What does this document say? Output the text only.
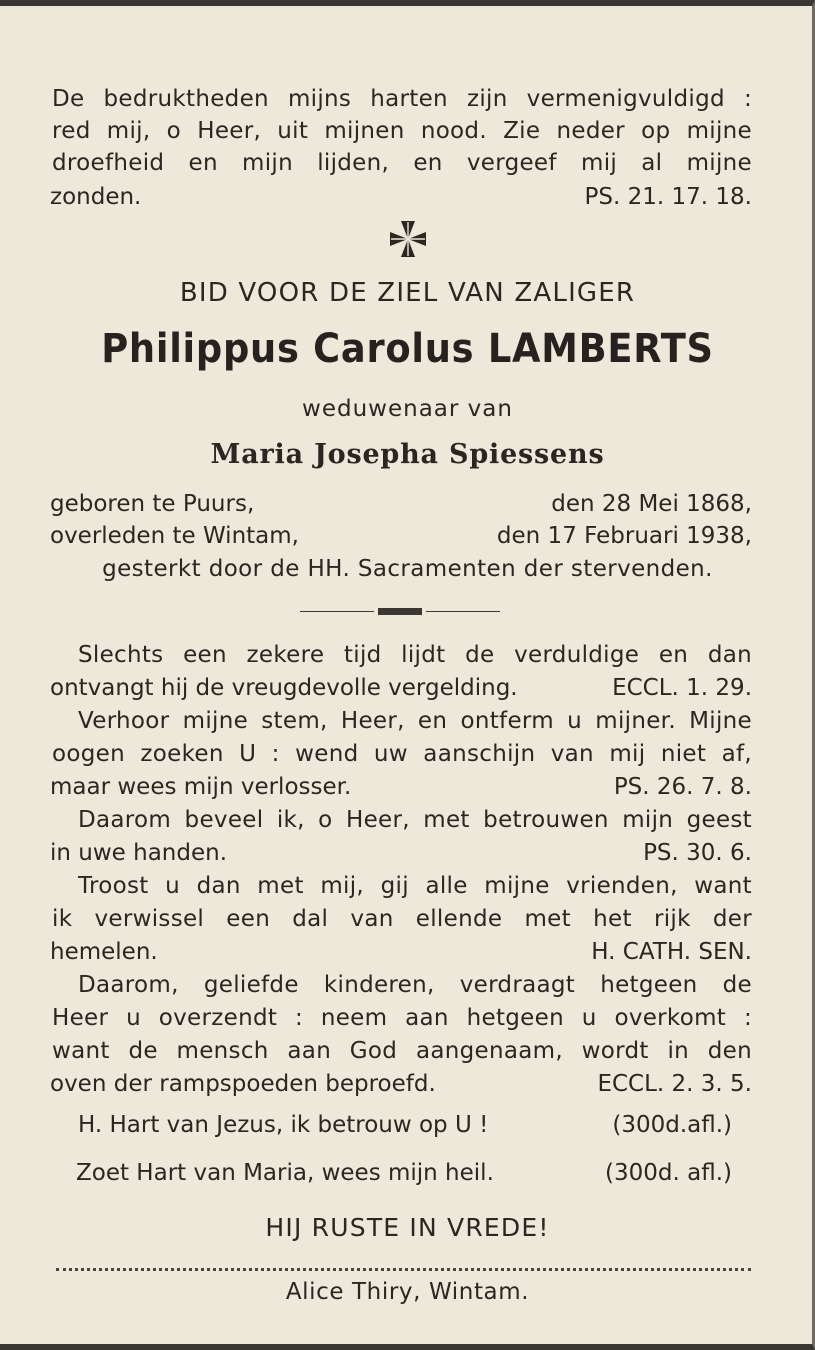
De bedruktheden mijns harten zijn vermenigvuldigd :
red mij, o Heer, uit mijnen nood. Zie neder op mijne
droefheid en mijn lijden, en vergeef mij al mijne
zonden.	PS. 21. 17. 18.
BID VOOR DE ZIEL VAN ZALIGER
Philippus Carolus LAMBERTS
weduwenaar van
Maria Josepha Spiessens
geboren te Puurs,	den 28 Mei 1868,
overleden te Wintam,	den 17 Februari 1938,
gesterkt door de HH. Sacramenten der stervenden.
Slechts een zekere tijd lijdt de verduldige en dan
ontvangt hij de vreugdevolle vergelding.	ECCL. 1. 29.
Verhoor mijne stem, Heer, en ontferm u mijner. Mijne
oogen zoeken U : wend uw aanschijn van mij niet af,
maar wees mijn verlosser.	PS. 26. 7. 8.
Daarom beveel ik, o Heer, met betrouwen mijn geest
in uwe handen.	PS. 30. 6.
Troost u dan met mij, gij alle mijne vrienden, want
ik verwissel een dal van ellende met het rijk der
hemelen.	H. CATH. SEN.
Daarom, geliefde kinderen, verdraagt hetgeen de
Heer u overzendt : neem aan hetgeen u overkomt :
want de mensch aan God aangenaam, wordt in den
oven der rampspoeden beproefd.	ECCL. 2. 3. 5.
H. Hart van Jezus, ik betrouw op U !	(300d.afl.)
Zoet Hart van Maria, wees mijn heil.	(300d. afl.)
HIJ RUSTE IN VREDE!
Alice Thiry, Wintam.
